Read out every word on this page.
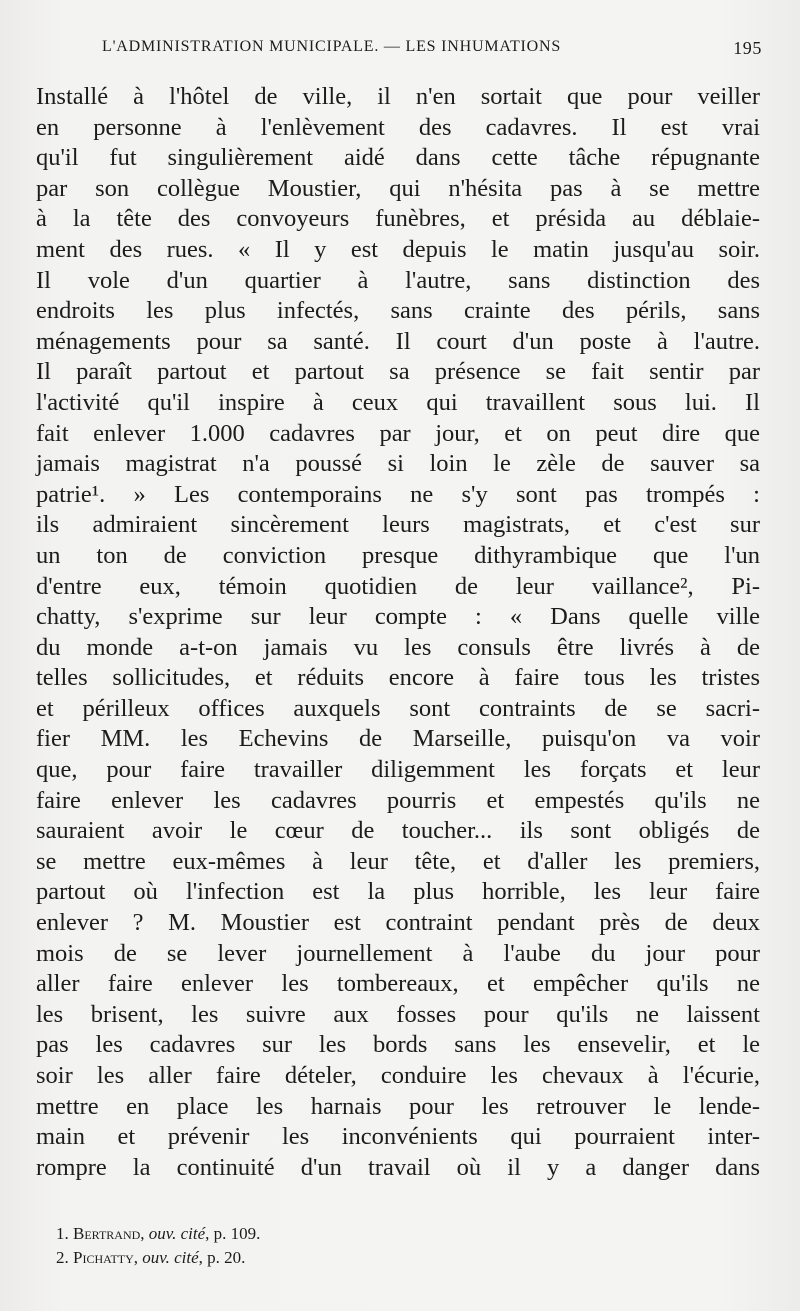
L'ADMINISTRATION MUNICIPALE. — LES INHUMATIONS	195
Installé à l'hôtel de ville, il n'en sortait que pour veiller
en personne à l'enlèvement des cadavres. Il est vrai
qu'il fut singulièrement aidé dans cette tâche répugnante
par son collègue Moustier, qui n'hésita pas à se mettre
à la tête des convoyeurs funèbres, et présida au déblaie-
ment des rues. « Il y est depuis le matin jusqu'au soir.
Il vole d'un quartier à l'autre, sans distinction des
endroits les plus infectés, sans crainte des périls, sans
ménagements pour sa santé. Il court d'un poste à l'autre.
Il paraît partout et partout sa présence se fait sentir par
l'activité qu'il inspire à ceux qui travaillent sous lui. Il
fait enlever 1.000 cadavres par jour, et on peut dire que
jamais magistrat n'a poussé si loin le zèle de sauver sa
patrie¹. » Les contemporains ne s'y sont pas trompés :
ils admiraient sincèrement leurs magistrats, et c'est sur
un ton de conviction presque dithyrambique que l'un
d'entre eux, témoin quotidien de leur vaillance², Pi-
chatty, s'exprime sur leur compte : « Dans quelle ville
du monde a-t-on jamais vu les consuls être livrés à de
telles sollicitudes, et réduits encore à faire tous les tristes
et périlleux offices auxquels sont contraints de se sacri-
fier MM. les Echevins de Marseille, puisqu'on va voir
que, pour faire travailler diligemment les forçats et leur
faire enlever les cadavres pourris et empestés qu'ils ne
sauraient avoir le cœur de toucher... ils sont obligés de
se mettre eux-mêmes à leur tête, et d'aller les premiers,
partout où l'infection est la plus horrible, les leur faire
enlever ? M. Moustier est contraint pendant près de deux
mois de se lever journellement à l'aube du jour pour
aller faire enlever les tombereaux, et empêcher qu'ils ne
les brisent, les suivre aux fosses pour qu'ils ne laissent
pas les cadavres sur les bords sans les ensevelir, et le
soir les aller faire dételer, conduire les chevaux à l'écurie,
mettre en place les harnais pour les retrouver le lende-
main et prévenir les inconvénients qui pourraient inter-
rompre la continuité d'un travail où il y a danger dans
1. Bertrand, ouv. cité, p. 109.
2. Pichatty, ouv. cité, p. 20.
